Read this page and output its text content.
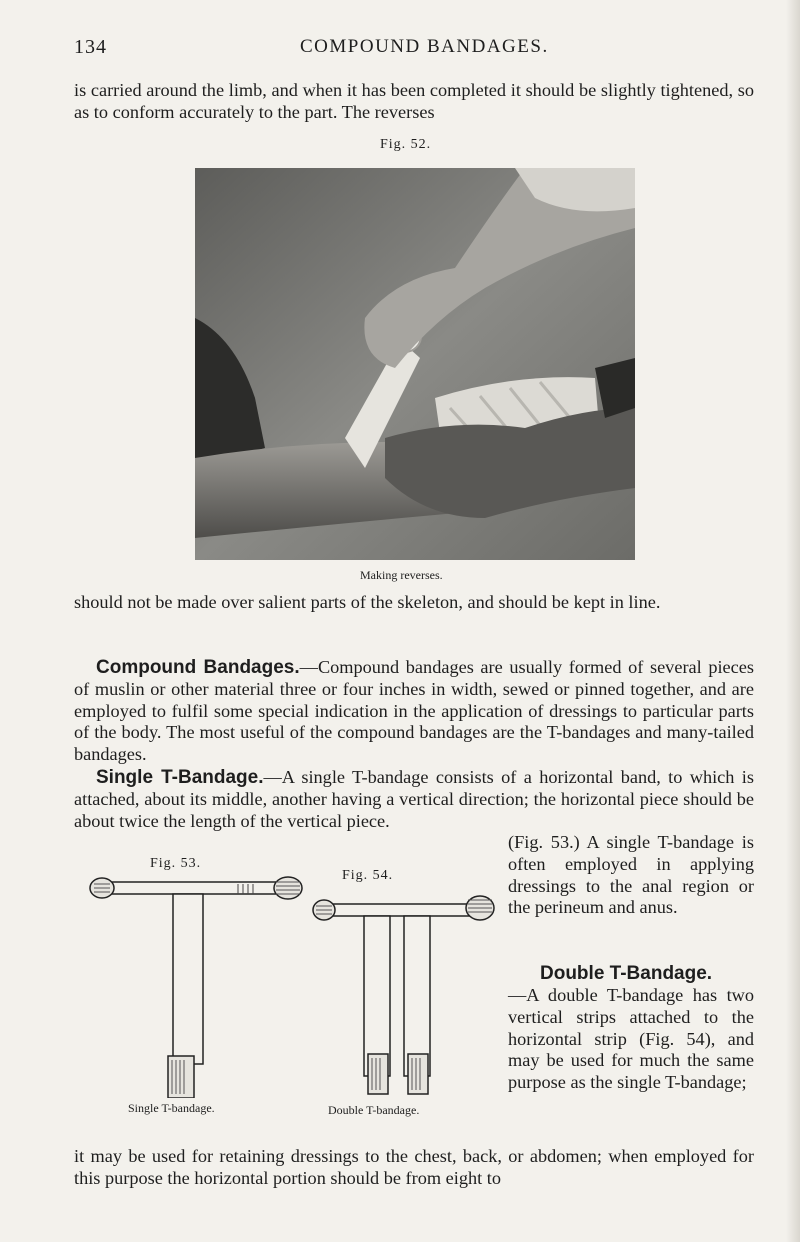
134	COMPOUND BANDAGES.
is carried around the limb, and when it has been completed it should be slightly tightened, so as to conform accurately to the part. The reverses
Fig. 52.
Making reverses.
should not be made over salient parts of the skeleton, and should be kept in line.
Compound Bandages.—Compound bandages are usually formed of several pieces of muslin or other material three or four inches in width, sewed or pinned together, and are employed to fulfil some special indication in the application of dressings to particular parts of the body. The most useful of the compound bandages are the T-bandages and many-tailed bandages.
Single T-Bandage.—A single T-bandage consists of a horizontal band, to which is attached, about its middle, another having a vertical direction; the horizontal piece should be about twice the length of the vertical piece.
Fig. 53.
Single T-bandage.
Fig. 54.
Double T-bandage.
(Fig. 53.) A single T-bandage is often employed in applying dressings to the anal region or the perineum and anus.
Double T-Bandage.
—A double T-bandage has two vertical strips attached to the horizontal strip (Fig. 54), and may be used for much the same purpose as the single T-bandage;
it may be used for retaining dressings to the chest, back, or abdomen; when employed for this purpose the horizontal portion should be from eight to
